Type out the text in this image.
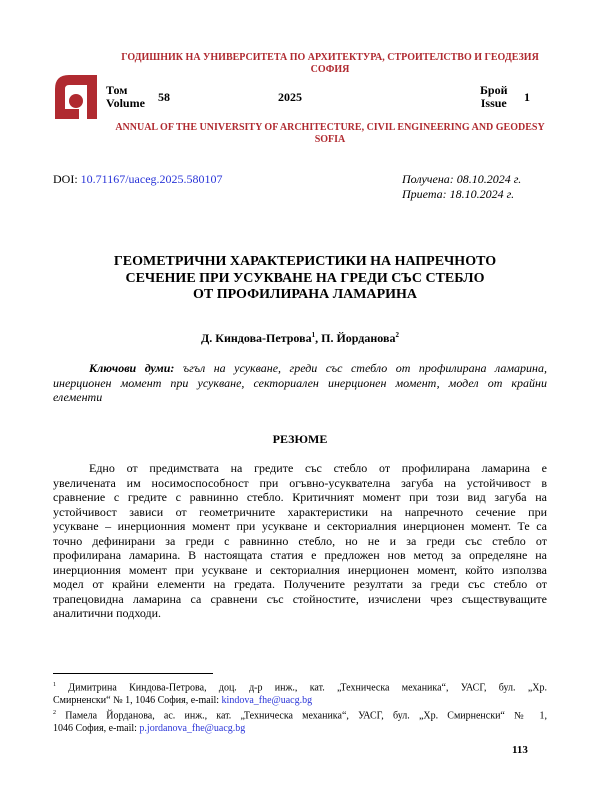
ГОДИШНИК НА УНИВЕРСИТЕТА ПО АРХИТЕКТУРА, СТРОИТЕЛСТВО И ГЕОДЕЗИЯ
СОФИЯ
Том
Volume 58	2025	Брой
Issue 1
ANNUAL OF THE UNIVERSITY OF ARCHITECTURE, CIVIL ENGINEERING AND GEODESY
SOFIA
DOI: 10.71167/uaceg.2025.580107	Получена: 08.10.2024 г.
Приета: 18.10.2024 г.
ГЕОМЕТРИЧНИ ХАРАКТЕРИСТИКИ НА НАПРЕЧНОТО
СЕЧЕНИЕ ПРИ УСУКВАНЕ НА ГРЕДИ СЪС СТЕБЛО
ОТ ПРОФИЛИРАНА ЛАМАРИНА
Д. Киндова-Петрова$^1$, П. Йорданова$^2$
Ключови думи: ъгъл на усукване, греди със стебло от профилирана ламарина,
инерционен момент при усукване, секториален инерционен момент, модел от крайни
елементи
РЕЗЮМЕ
Едно от предимствата на гредите със стебло от профилирана ламарина е
увеличената им носимоспособност при огъвно-усуквателна загуба на устойчивост в
сравнение с гредите с равнинно стебло. Критичният момент при този вид загуба на
устойчивост зависи от геометричните характеристики на напречното сечение при
усукване – инерционния момент при усукване и секториалния инерционен момент. Те са
точно дефинирани за греди с равнинно стебло, но не и за греди със стебло от
профилирана ламарина. В настоящата статия е предложен нов метод за определяне на
инерционния момент при усукване и секториалния инерционен момент, който използва
модел от крайни елементи на гредата. Получените резултати за греди със стебло от
трапецовидна ламарина са сравнени със стойностите, изчислени чрез съществуващите
аналитични подходи.
$^1$ Димитрина Киндова-Петрова, доц. д-р инж., кат. „Техническа механика“, УАСГ, бул. „Хр.
Смирненски“ № 1, 1046 София, e-mail: kindova_fhe@uacg.bg
$^2$ Памела Йорданова, ас. инж., кат. „Техническа механика“, УАСГ, бул. „Хр. Смирненски“ № 1,
1046 София, e-mail: p.jordanova_fhe@uacg.bg
113
